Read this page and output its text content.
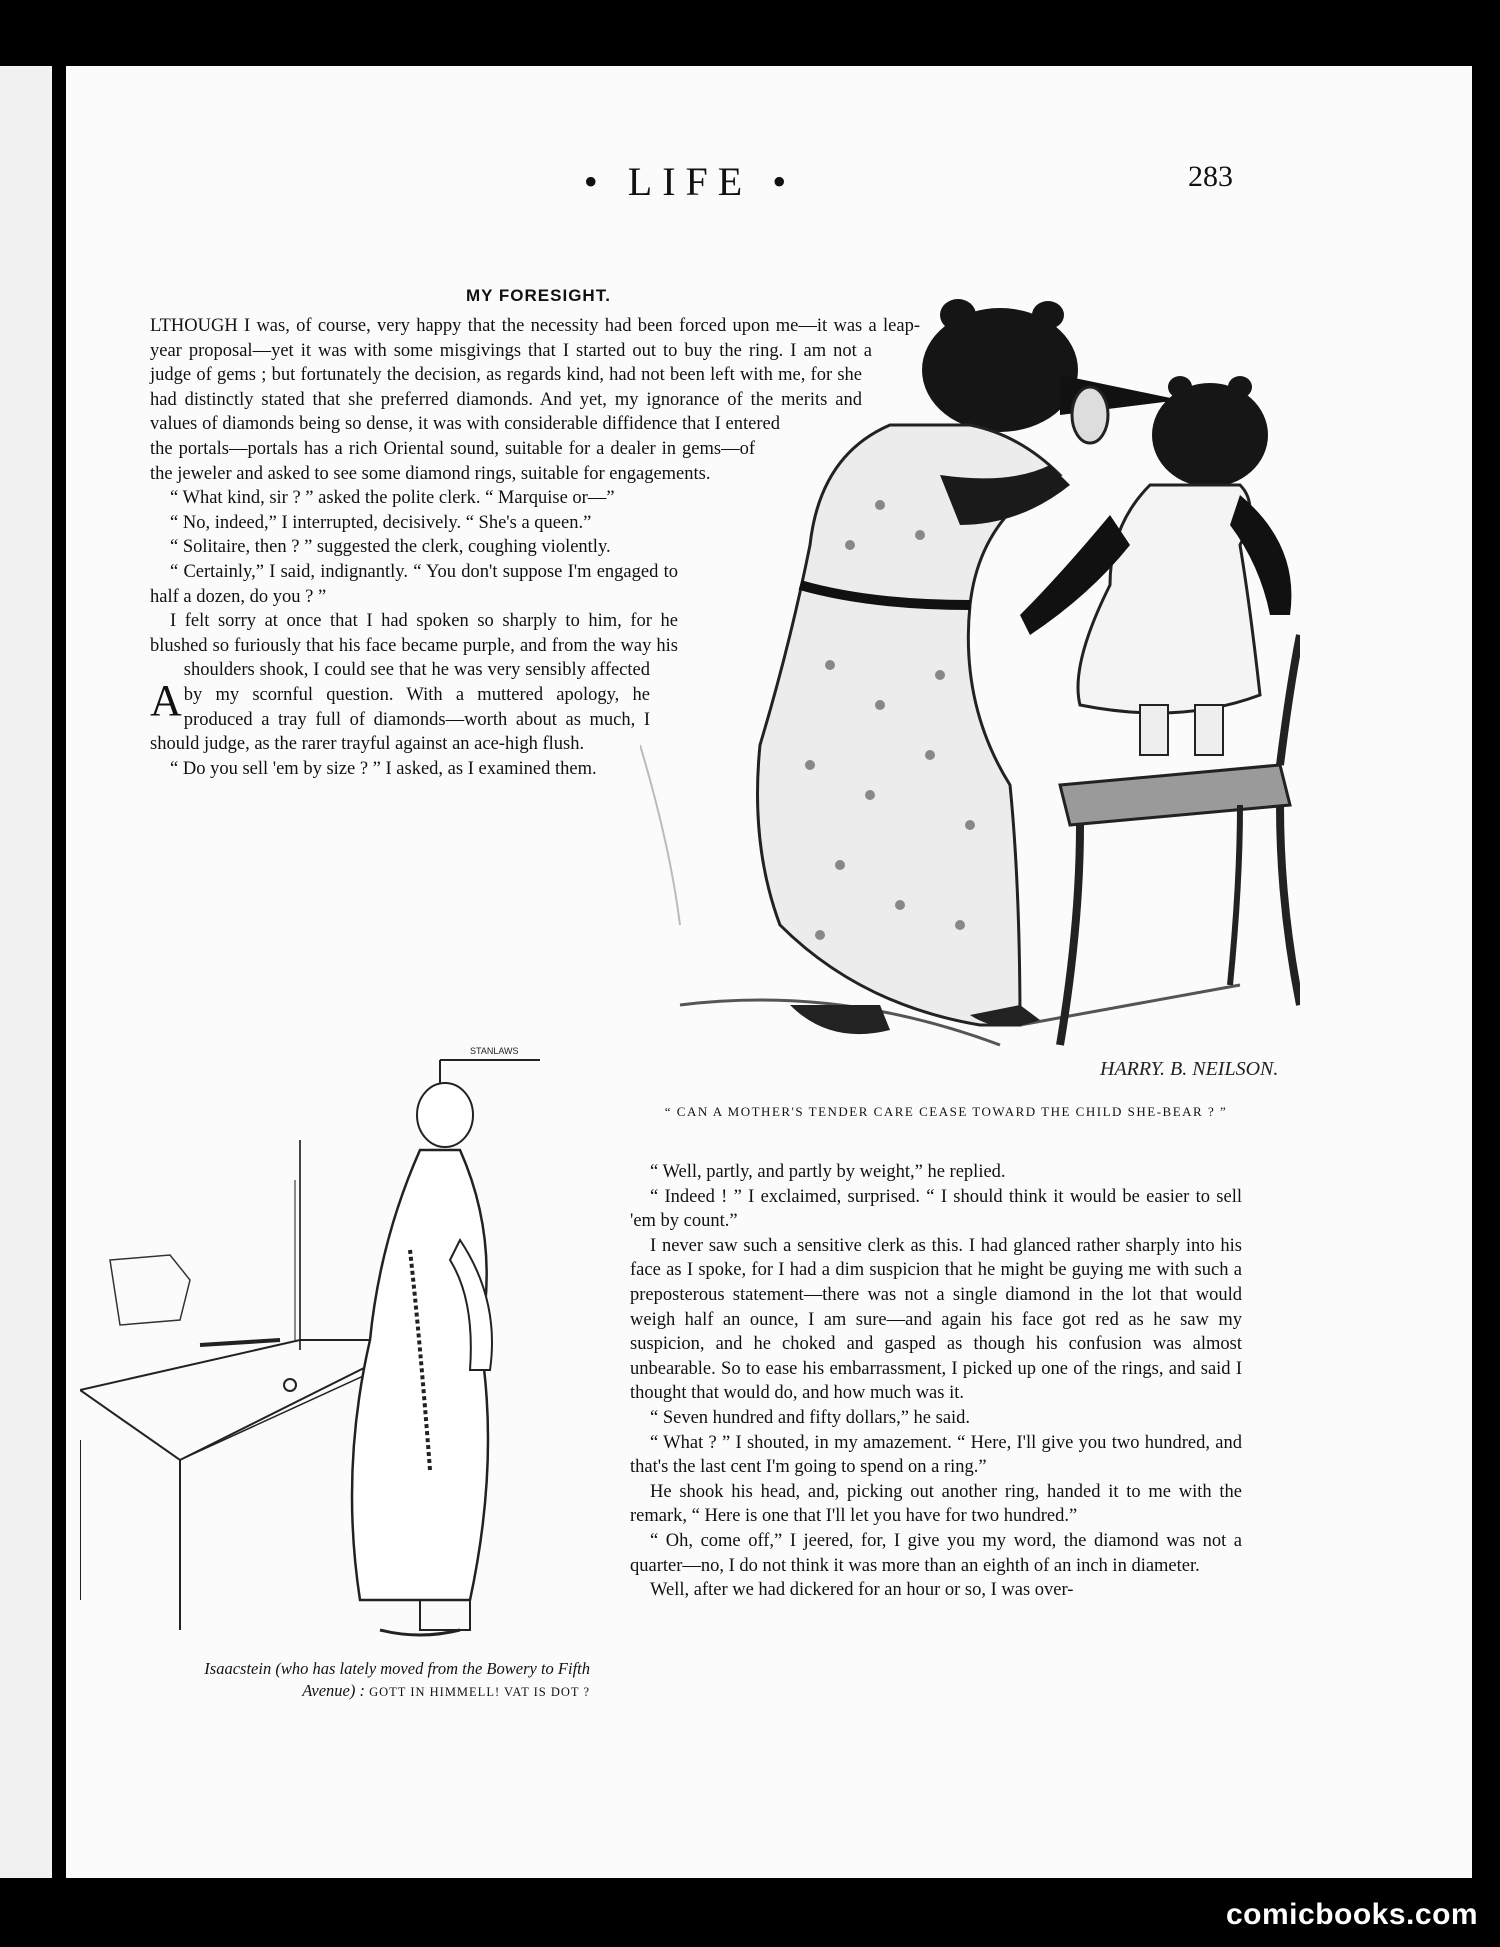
• LIFE •	283
MY FORESIGHT.

A
LTHOUGH I was, of course, very happy that the necessity had been forced upon me—it was a leap-year proposal—yet it was with some misgivings that I started out to buy the ring. I am not a judge of gems ; but fortunately the decision, as regards kind, had not been left with me, for she had distinctly stated that she preferred diamonds. And yet, my ignorance of the merits and values of diamonds being so dense, it was with considerable diffidence that I entered the portals—portals has a rich Oriental sound, suitable for a dealer in gems—of the jeweler and asked to see some diamond rings, suitable for engagements.

“ What kind, sir ? ” asked the polite clerk. “ Marquise or—”

“ No, indeed,” I interrupted, decisively. “ She's a queen.”

“ Solitaire, then ? ” suggested the clerk, coughing violently.

“ Certainly,” I said, indignantly. “ You don't suppose I'm engaged to half a dozen, do you ? ”

I felt sorry at once that I had spoken so sharply to him, for he blushed so furiously that his face became purple, and from the way his shoulders shook, I could see that he was very sensibly affected by my scornful question. With a muttered apology, he produced a tray full of diamonds—worth about as much, I should judge, as the rarer trayful against an ace-high flush.

“ Do you sell 'em by size ? ” I asked, as I examined them.

HARRY. B. NEILSON.
“ CAN A MOTHER'S TENDER CARE CEASE TOWARD THE CHILD SHE-BEAR ? ”
STANLAWS
Isaacstein (who has lately moved from the Bowery to Fifth Avenue) : GOTT IN HIMMELL! VAT IS DOT ?

“ Well, partly, and partly by weight,” he replied.

“ Indeed ! ” I exclaimed, surprised. “ I should think it would be easier to sell 'em by count.”

I never saw such a sensitive clerk as this. I had glanced rather sharply into his face as I spoke, for I had a dim suspicion that he might be guying me with such a preposterous statement—there was not a single diamond in the lot that would weigh half an ounce, I am sure—and again his face got red as he saw my suspicion, and he choked and gasped as though his confusion was almost unbearable. So to ease his embarrassment, I picked up one of the rings, and said I thought that would do, and how much was it.

“ Seven hundred and fifty dollars,” he said.

“ What ? ” I shouted, in my amazement. “ Here, I'll give you two hundred, and that's the last cent I'm going to spend on a ring.”

He shook his head, and, picking out another ring, handed it to me with the remark, “ Here is one that I'll let you have for two hundred.”

“ Oh, come off,” I jeered, for, I give you my word, the diamond was not a quarter—no, I do not think it was more than an eighth of an inch in diameter.

Well, after we had dickered for an hour or so, I was over-

comicbooks.com
